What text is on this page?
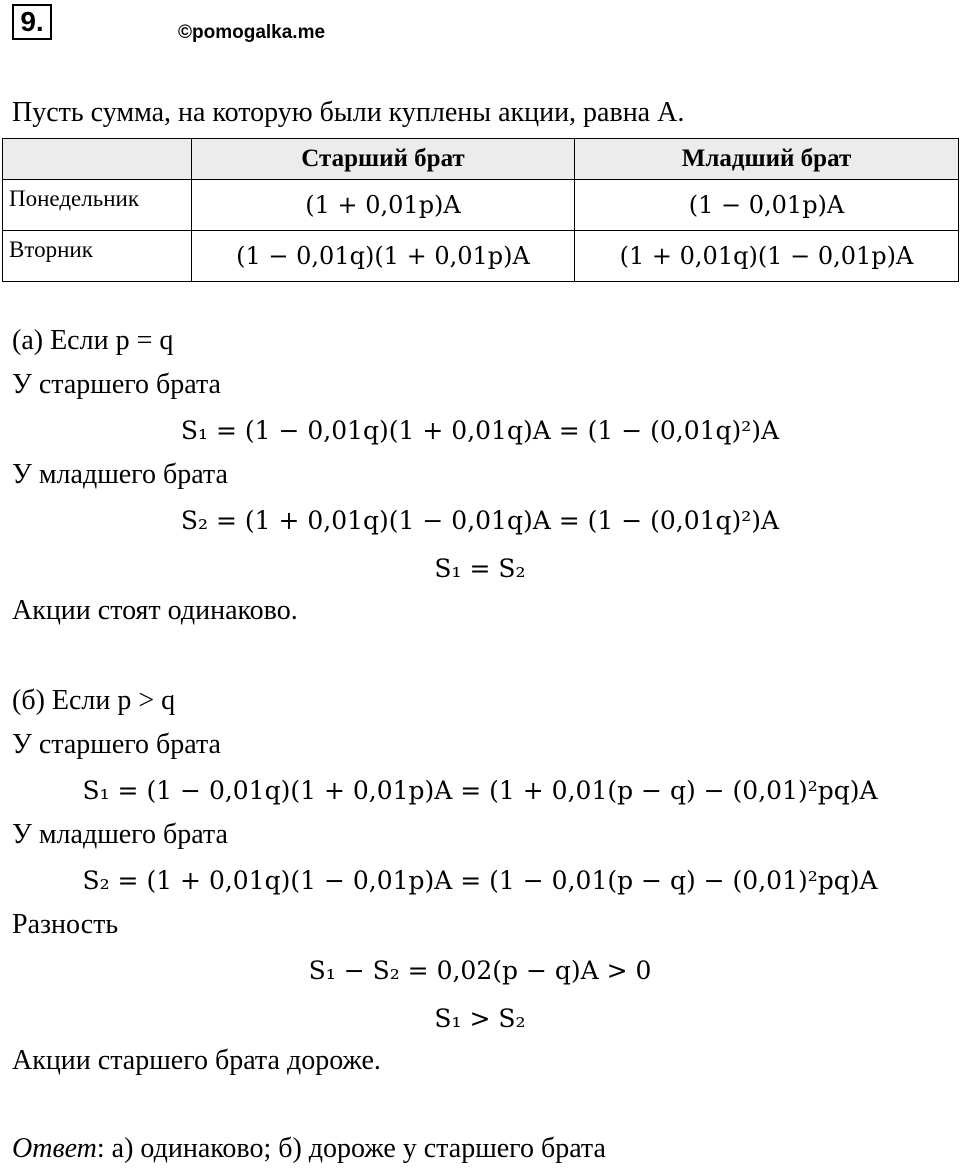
9.	©pomogalka.me
Пусть сумма, на которую были куплены акции, равна A.
	Старший брат	Младший брат
Понедельник	(1 + 0,01p)A	(1 − 0,01p)A
Вторник	(1 − 0,01q)(1 + 0,01p)A	(1 + 0,01q)(1 − 0,01p)A
(а) Если p = q
У старшего брата
S₁ = (1 − 0,01q)(1 + 0,01q)A = (1 − (0,01q)²)A
У младшего брата
S₂ = (1 + 0,01q)(1 − 0,01q)A = (1 − (0,01q)²)A
S₁ = S₂
Акции стоят одинаково.
(б) Если p > q
У старшего брата
S₁ = (1 − 0,01q)(1 + 0,01p)A = (1 + 0,01(p − q) − (0,01)²pq)A
У младшего брата
S₂ = (1 + 0,01q)(1 − 0,01p)A = (1 − 0,01(p − q) − (0,01)²pq)A
Разность
S₁ − S₂ = 0,02(p − q)A > 0
S₁ > S₂
Акции старшего брата дороже.
Ответ: а) одинаково; б) дороже у старшего брата
